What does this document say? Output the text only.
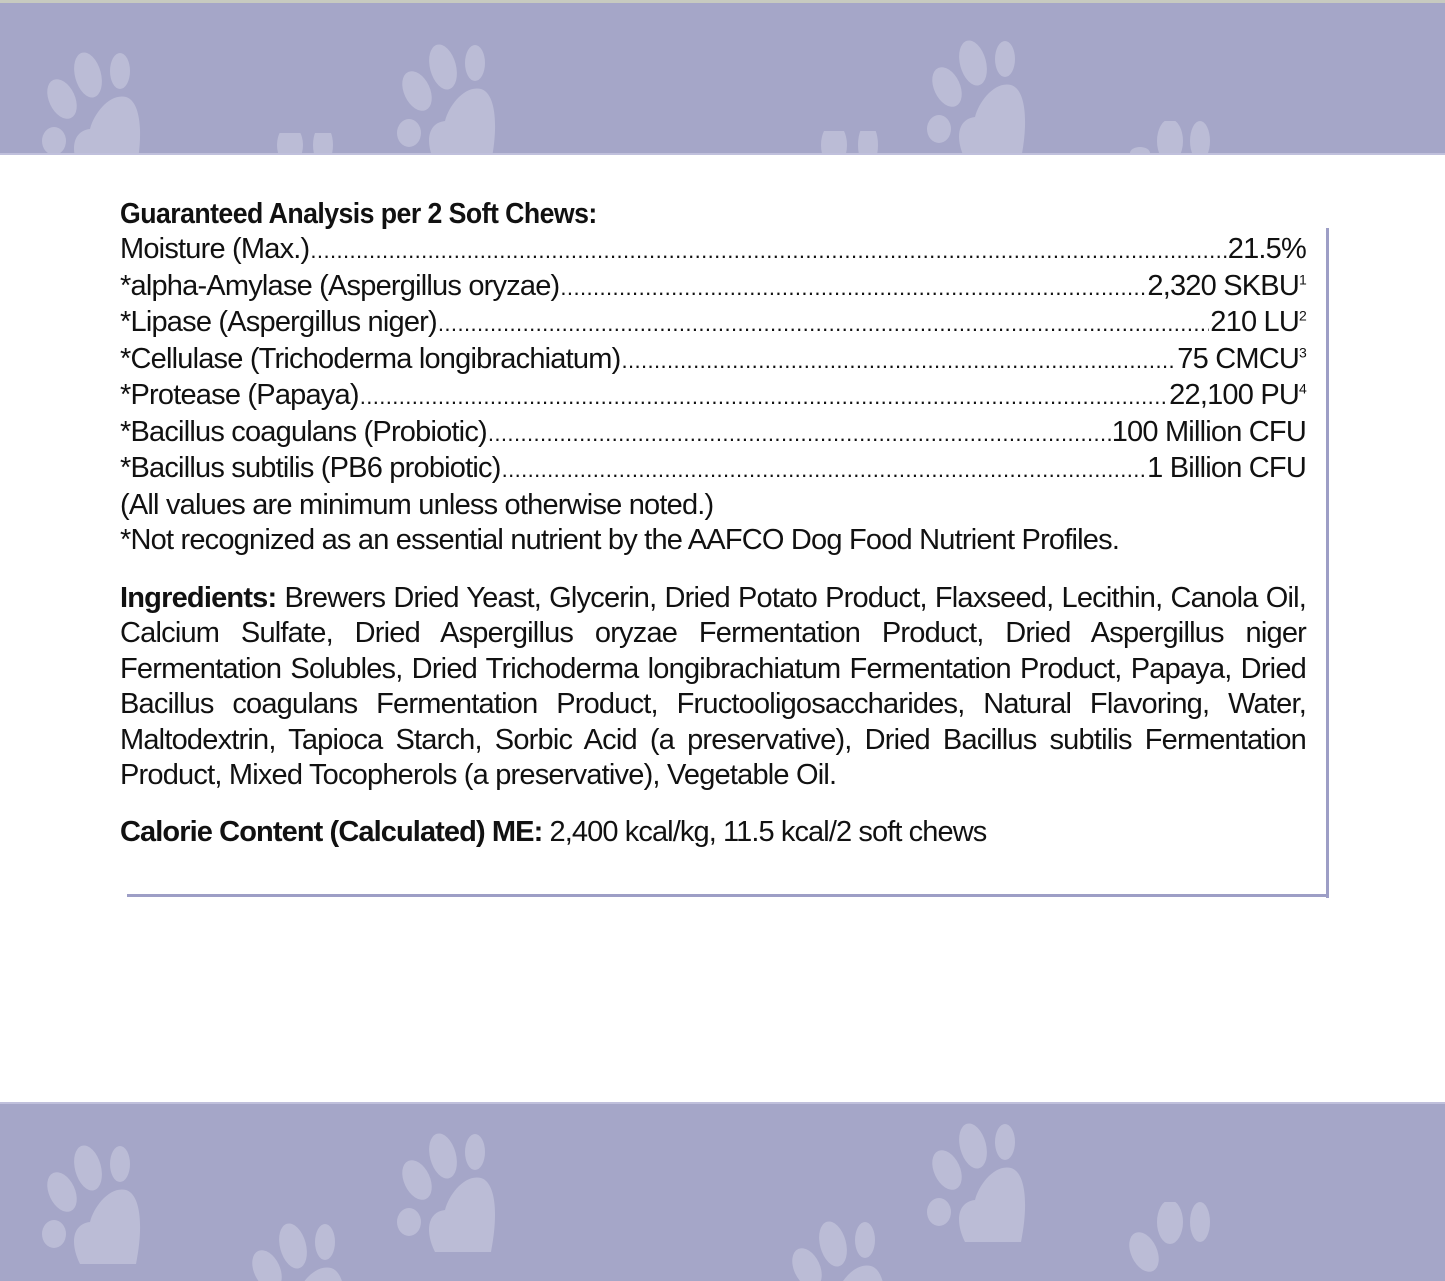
Guaranteed Analysis per 2 Soft Chews:
Moisture (Max.) .....	21.5%
*alpha-Amylase (Aspergillus oryzae) .....	2,320 SKBU$^1$
*Lipase (Aspergillus niger) .....	210 $LU^2$
*Cellulase (Trichoderma longibrachiatum) .....	75 CMCU$^3$
*Protease (Papaya) .....	22,100 $PU^4$
*Bacillus coagulans (Probiotic) .....	100 Million CFU
*Bacillus subtilis (PB6 probiotic) .....	1 Billion CFU
(All values are minimum unless otherwise noted.)
*Not recognized as an essential nutrient by the AAFCO Dog Food Nutrient Profiles.
Ingredients: Brewers Dried Yeast, Glycerin, Dried Potato Product, Flaxseed, Lecithin, Canola Oil, Calcium Sulfate, Dried Aspergillus oryzae Fermentation Product, Dried Aspergillus niger Fermentation Solubles, Dried Trichoderma longibrachiatum Fermentation Product, Papaya, Dried Bacillus coagulans Fermentation Product, Fructooligosaccharides, Natural Flavoring, Water, Maltodextrin, Tapioca Starch, Sorbic Acid (a preservative), Dried Bacillus subtilis Fermentation Product, Mixed Tocopherols (a preservative), Vegetable Oil.
Calorie Content (Calculated) ME: 2,400 kcal/kg, 11.5 kcal/2 soft chews
